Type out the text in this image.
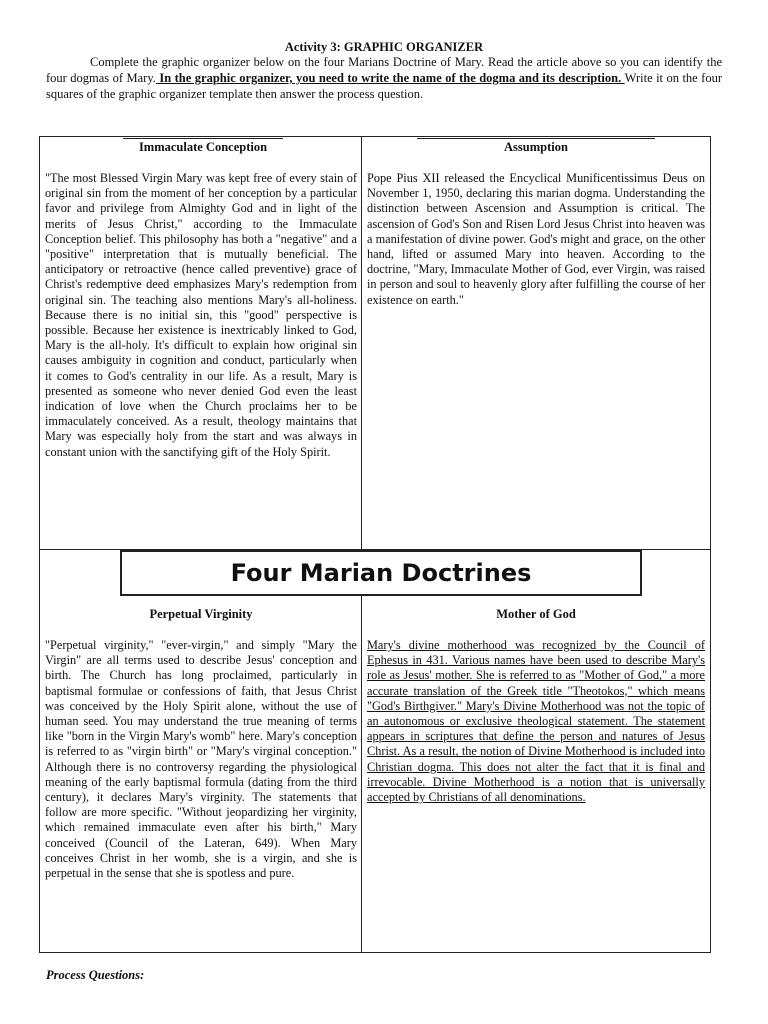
Activity 3: GRAPHIC ORGANIZER
Complete the graphic organizer below on the four Marians Doctrine of Mary. Read the article above so you can identify the four dogmas of Mary. In the graphic organizer, you need to write the name of the dogma and its description. Write it on the four squares of the graphic organizer template then answer the process question.
Immaculate Conception

"The most Blessed Virgin Mary was kept free of every stain of original sin from the moment of her conception by a particular favor and privilege from Almighty God and in light of the merits of Jesus Christ," according to the Immaculate Conception belief. This philosophy has both a "negative" and a "positive" interpretation that is mutually beneficial. The anticipatory or retroactive (hence called preventive) grace of Christ's redemptive deed emphasizes Mary's redemption from original sin. The teaching also mentions Mary's all-holiness. Because there is no initial sin, this "good" perspective is possible. Because her existence is inextricably linked to God, Mary is the all-holy. It's difficult to explain how original sin causes ambiguity in cognition and conduct, particularly when it comes to God's centrality in our life. As a result, Mary is presented as someone who never denied God even the least indication of love when the Church proclaims her to be immaculately conceived. As a result, theology maintains that Mary was especially holy from the start and was always in constant union with the sanctifying gift of the Holy Spirit.

Assumption

Pope Pius XII released the Encyclical Munificentissimus Deus on November 1, 1950, declaring this marian dogma. Understanding the distinction between Ascension and Assumption is critical. The ascension of God's Son and Risen Lord Jesus Christ into heaven was a manifestation of divine power. God's might and grace, on the other hand, lifted or assumed Mary into heaven. According to the doctrine, "Mary, Immaculate Mother of God, ever Virgin, was raised in person and soul to heavenly glory after fulfilling the course of her existence on earth."

Perpetual Virginity

"Perpetual virginity," "ever-virgin," and simply "Mary the Virgin" are all terms used to describe Jesus' conception and birth. The Church has long proclaimed, particularly in baptismal formulae or confessions of faith, that Jesus Christ was conceived by the Holy Spirit alone, without the use of human seed. You may understand the true meaning of terms like "born in the Virgin Mary's womb" here. Mary's conception is referred to as "virgin birth" or "Mary's virginal conception." Although there is no controversy regarding the physiological meaning of the early baptismal formula (dating from the third century), it declares Mary's virginity. The statements that follow are more specific. "Without jeopardizing her virginity, which remained immaculate even after his birth," Mary conceived (Council of the Lateran, 649). When Mary conceives Christ in her womb, she is a virgin, and she is perpetual in the sense that she is spotless and pure.

Mother of God

Mary's divine motherhood was recognized by the Council of Ephesus in 431. Various names have been used to describe Mary's role as Jesus' mother. She is referred to as "Mother of God," a more accurate translation of the Greek title "Theotokos," which means "God's Birthgiver." Mary's Divine Motherhood was not the topic of an autonomous or exclusive theological statement. The statement appears in scriptures that define the person and natures of Jesus Christ. As a result, the notion of Divine Motherhood is included into Christian dogma. This does not alter the fact that it is final and irrevocable. Divine Motherhood is a notion that is universally accepted by Christians of all denominations.

Four Marian Doctrines
Process Questions:
